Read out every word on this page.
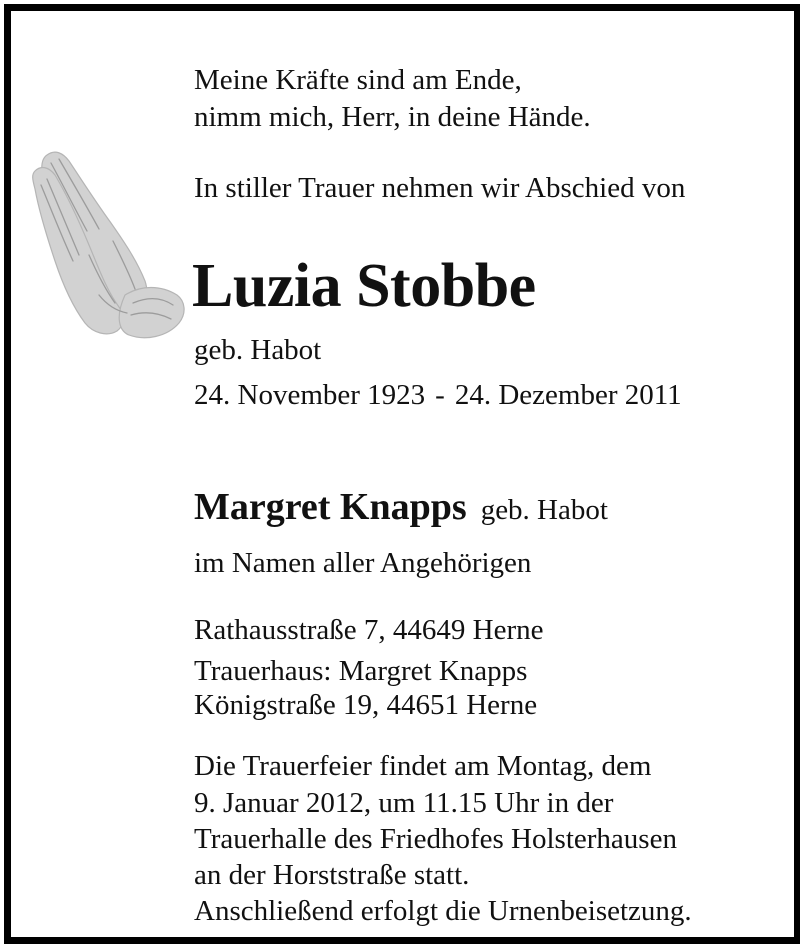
Meine Kräfte sind am Ende,

nimm mich, Herr, in deine Hände.

In stiller Trauer nehmen wir Abschied von

Luzia Stobbe

geb. Habot

24. November 1923 - 24. Dezember 2011

Margret Knapps geb. Habot

im Namen aller Angehörigen

Rathausstraße 7, 44649 Herne

Trauerhaus: Margret Knapps

Königstraße 19, 44651 Herne

Die Trauerfeier findet am Montag, dem

9. Januar 2012, um 11.15 Uhr in der

Trauerhalle des Friedhofes Holsterhausen

an der Horststraße statt.

Anschließend erfolgt die Urnenbeisetzung.
